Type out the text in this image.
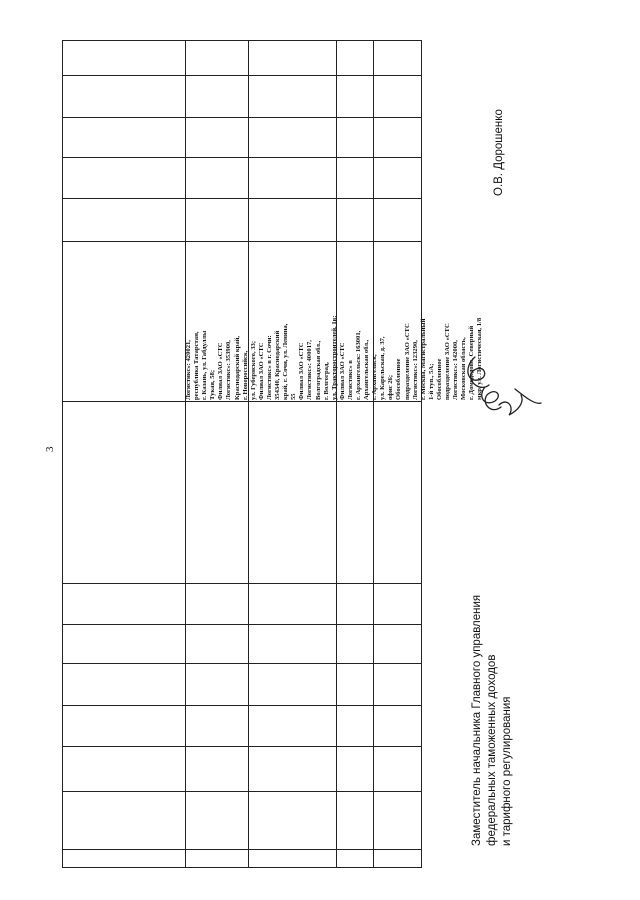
3
Логистикс»: 420021, республика Татарстан, г. Казань, ул. Габдуллы Тукая, 58; Филиал ЗАО «СТС Логистикс»: 353900, Краснодарский край, г. Новороссийск, ул. Губернского, 33; Филиал ЗАО «СТС Логистикс» в г. Сочи: 354340, Краснодарский край, г. Сочи, ул. Ленина, 55 Филиал ЗАО «СТС Логистикс»: 400017, Волгоградская обл., г. Волгоград, ул. Тракторостроителей, 1в; Филиал ЗАО «СТС Логистикс» в г. Архангельск: 163001, Архангельская обл., г. Архангельск, ул. Карельская, д. 37, офис 26; Обособленное подразделение ЗАО «СТС Логистикс»: 123290, г. Москва, Магистральный 1-й туп., 5А; Обособленное подразделение ЗАО «СТС Логистикс»: 142000, Московская область, г. Домодедово, Северный мкр, ул. Логистическая, 1/8
Заместитель начальника Главного управления федеральных таможенных доходов и тарифного регулирования
О.В. Дорошенко
